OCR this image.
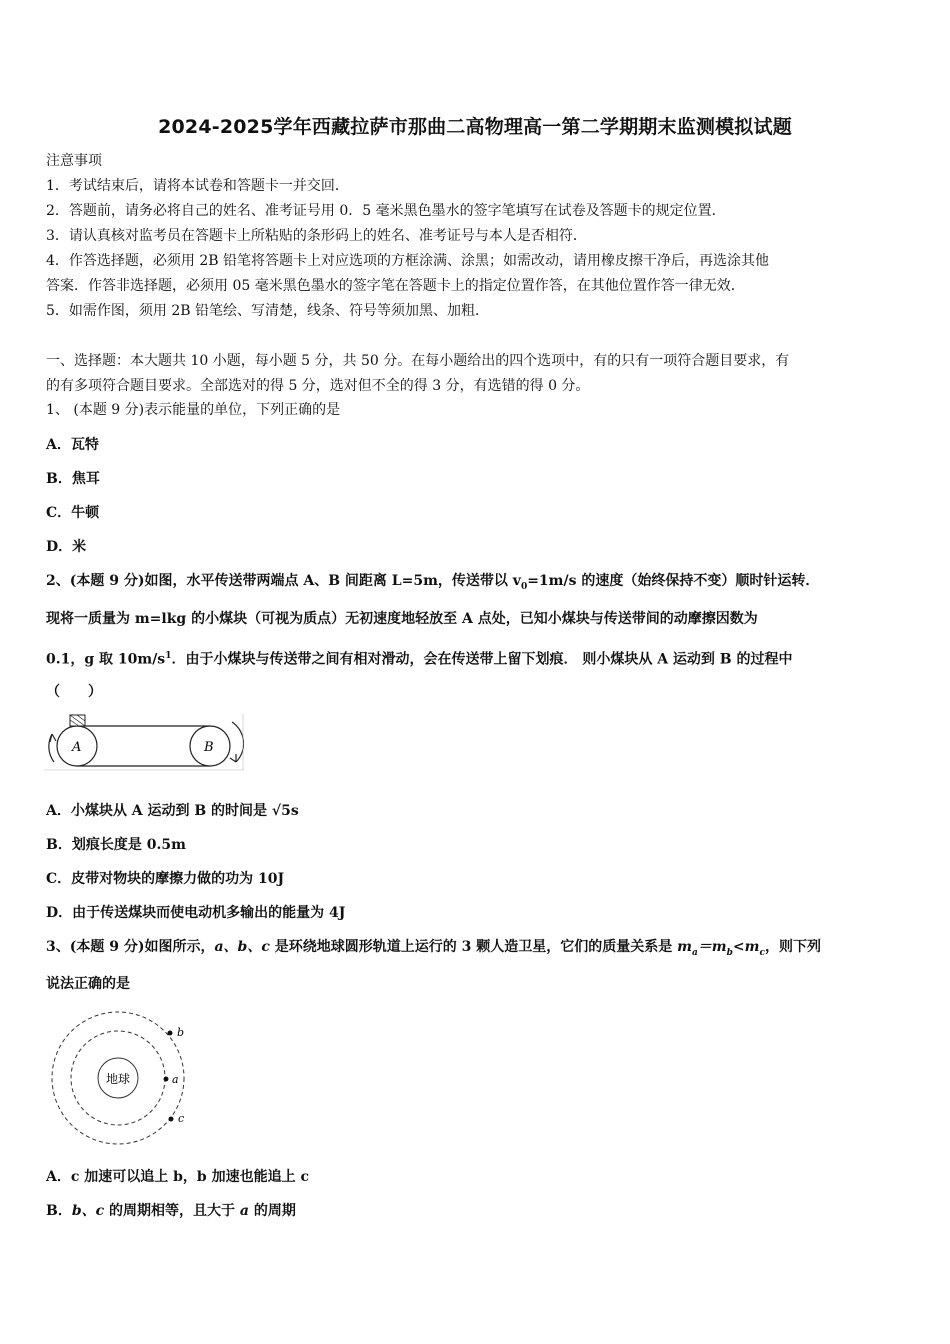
2024-2025学年西藏拉萨市那曲二高物理高一第二学期期末监测模拟试题
注意事项
1．考试结束后，请将本试卷和答题卡一并交回．
2．答题前，请务必将自己的姓名、准考证号用 0．5 毫米黑色墨水的签字笔填写在试卷及答题卡的规定位置．
3．请认真核对监考员在答题卡上所粘贴的条形码上的姓名、准考证号与本人是否相符．
4．作答选择题，必须用 2B 铅笔将答题卡上对应选项的方框涂满、涂黑；如需改动，请用橡皮擦干净后，再选涂其他
答案．作答非选择题，必须用 05 毫米黑色墨水的签字笔在答题卡上的指定位置作答，在其他位置作答一律无效．
5．如需作图，须用 2B 铅笔绘、写清楚，线条、符号等须加黑、加粗．
一、选择题：本大题共 10 小题，每小题 5 分，共 50 分。在每小题给出的四个选项中，有的只有一项符合题目要求，有
的有多项符合题目要求。全部选对的得 5 分，选对但不全的得 3 分，有选错的得 0 分。
1、 (本题 9 分)表示能量的单位，下列正确的是
A．瓦特
B．焦耳
C．牛顿
D．米
2、(本题 9 分)如图，水平传送带两端点 A、B 间距离 L=5m，传送带以 $v_0=1m/s$ 的速度（始终保持不变）顺时针运转．
现将一质量为 m=lkg 的小煤块（可视为质点）无初速度地轻放至 A 点处，已知小煤块与传送带间的动摩擦因数为
0.1，g 取 $10m/s^1$．由于小煤块与传送带之间有相对滑动，会在传送带上留下划痕． 则小煤块从 A 运动到 B 的过程中
（　　）
A	B
A．小煤块从 A 运动到 B 的时间是 √5s
B．划痕长度是 0.5m
C．皮带对物块的摩擦力做的功为 10J
D．由于传送煤块而使电动机多输出的能量为 4J
3、(本题 9 分)如图所示，a、b、c 是环绕地球圆形轨道上运行的 3 颗人造卫星，它们的质量关系是 $m_a=m_b<m_c$，则下列
说法正确的是
地球	a
b
c
A．c 加速可以追上 b，b 加速也能追上 c
B．b、c 的周期相等，且大于 a 的周期
